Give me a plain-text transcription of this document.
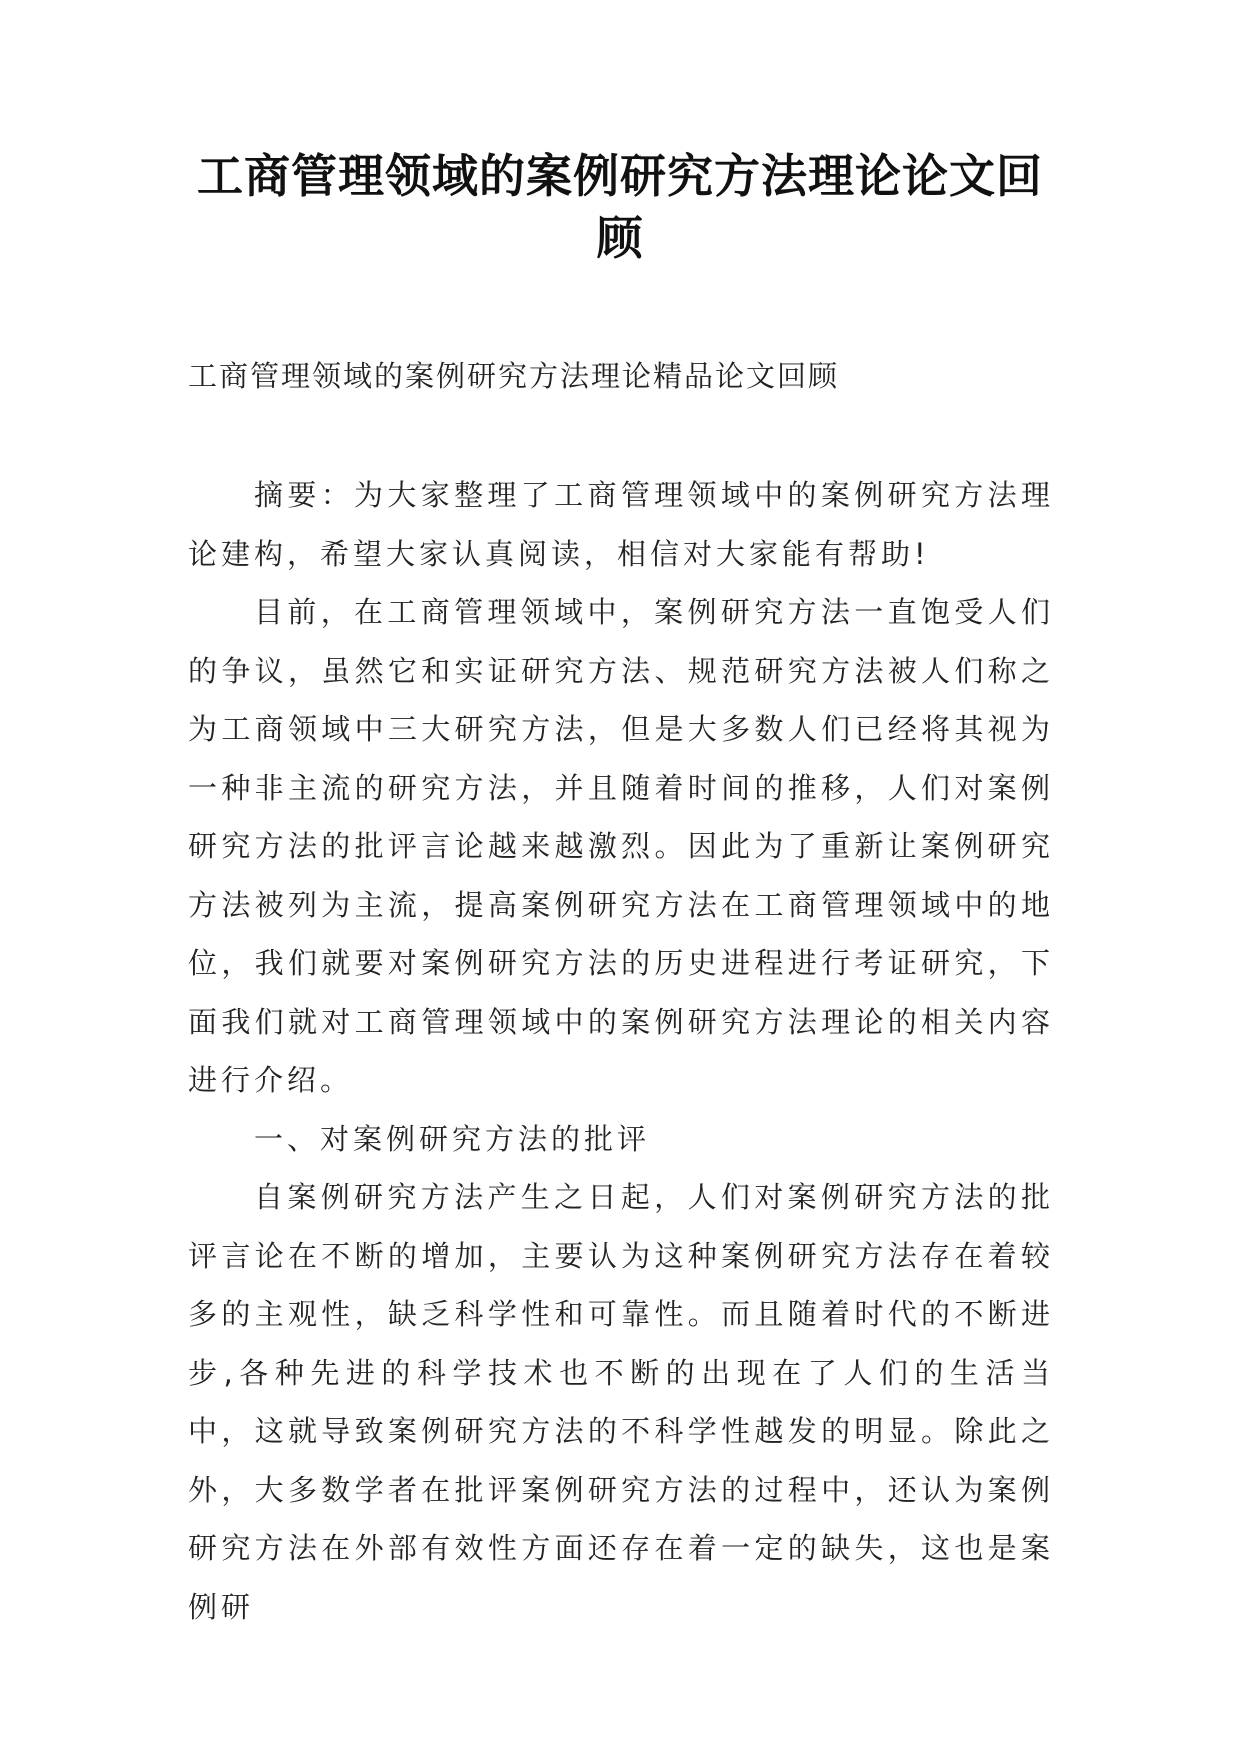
工商管理领域的案例研究方法理论论文回顾

工商管理领域的案例研究方法理论精品论文回顾

摘要：为大家整理了工商管理领域中的案例研究方法理论建构，希望大家认真阅读，相信对大家能有帮助!

目前，在工商管理领域中，案例研究方法一直饱受人们的争议，虽然它和实证研究方法、规范研究方法被人们称之为工商领域中三大研究方法，但是大多数人们已经将其视为一种非主流的研究方法，并且随着时间的推移，人们对案例研究方法的批评言论越来越激烈。因此为了重新让案例研究方法被列为主流，提高案例研究方法在工商管理领域中的地位，我们就要对案例研究方法的历史进程进行考证研究，下面我们就对工商管理领域中的案例研究方法理论的相关内容进行介绍。

一、对案例研究方法的批评

自案例研究方法产生之日起，人们对案例研究方法的批评言论在不断的增加，主要认为这种案例研究方法存在着较多的主观性，缺乏科学性和可靠性。而且随着时代的不断进步,各种先进的科学技术也不断的出现在了人们的生活当中，这就导致案例研究方法的不科学性越发的明显。除此之外，大多数学者在批评案例研究方法的过程中，还认为案例研究方法在外部有效性方面还存在着一定的缺失，这也是案例研
